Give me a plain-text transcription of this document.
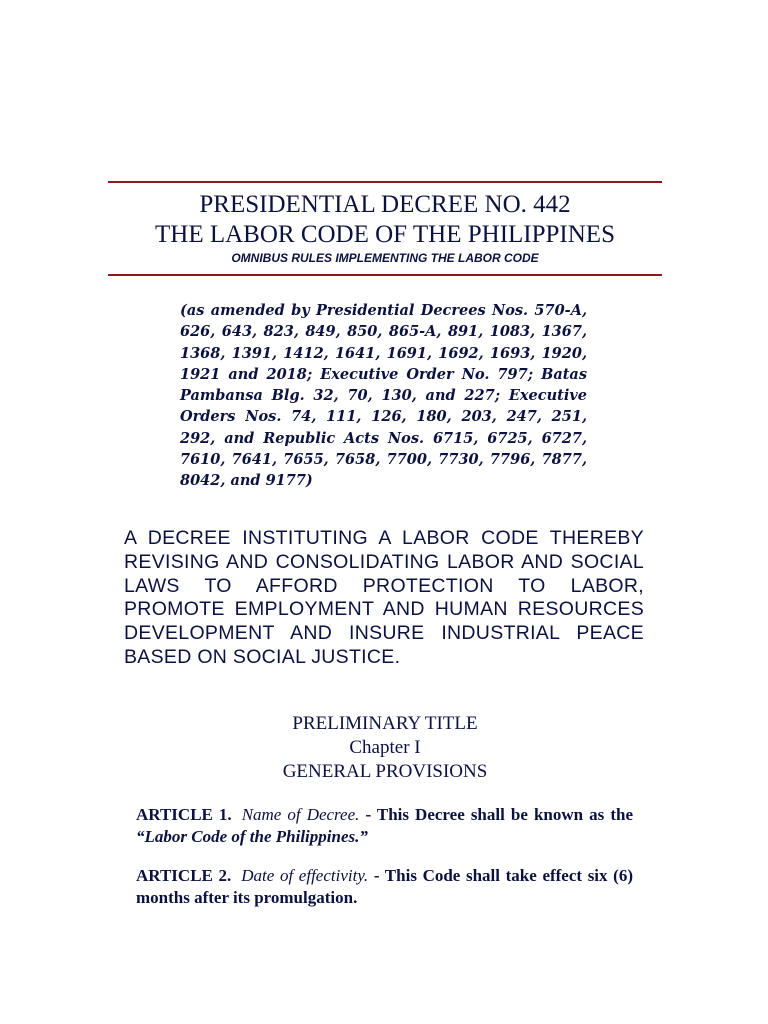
PRESIDENTIAL DECREE NO. 442
THE LABOR CODE OF THE PHILIPPINES
OMNIBUS RULES IMPLEMENTING THE LABOR CODE
(as amended by Presidential Decrees Nos. 570-A, 626, 643, 823, 849, 850, 865-A, 891, 1083, 1367, 1368, 1391, 1412, 1641, 1691, 1692, 1693, 1920, 1921 and 2018; Executive Order No. 797; Batas Pambansa Blg. 32, 70, 130, and 227; Executive Orders Nos. 74, 111, 126, 180, 203, 247, 251, 292, and Republic Acts Nos. 6715, 6725, 6727, 7610, 7641, 7655, 7658, 7700, 7730, 7796, 7877, 8042, and 9177)
A DECREE INSTITUTING A LABOR CODE THEREBY REVISING AND CONSOLIDATING LABOR AND SOCIAL LAWS TO AFFORD PROTECTION TO LABOR, PROMOTE EMPLOYMENT AND HUMAN RESOURCES DEVELOPMENT AND INSURE INDUSTRIAL PEACE BASED ON SOCIAL JUSTICE.
PRELIMINARY TITLE
Chapter I
GENERAL PROVISIONS
ARTICLE 1. Name of Decree. - This Decree shall be known as the “Labor Code of the Philippines.”
ARTICLE 2. Date of effectivity. - This Code shall take effect six (6) months after its promulgation.
